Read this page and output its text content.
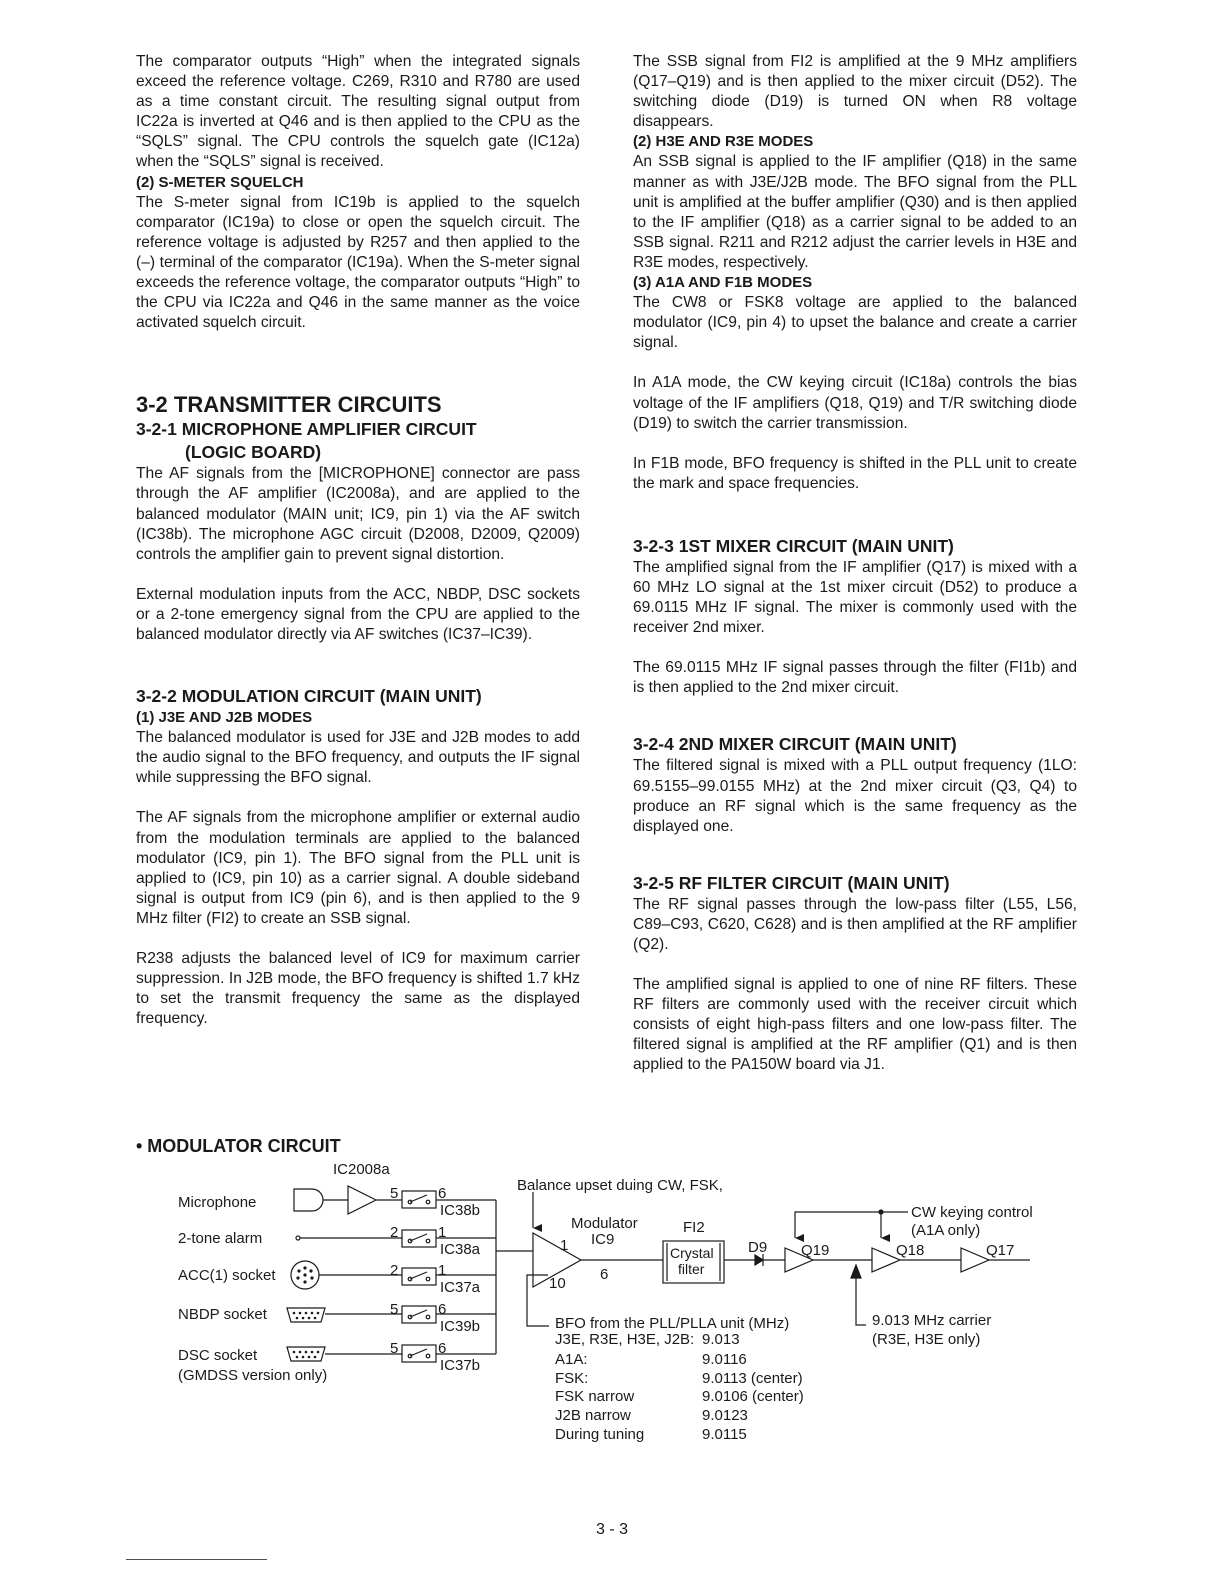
The comparator outputs “High” when the integrated signals exceed the reference voltage. C269, R310 and R780 are used as a time constant circuit. The resulting signal output from IC22a is inverted at Q46 and is then applied to the CPU as the “SQLS” signal. The CPU controls the squelch gate (IC12a) when the “SQLS” signal is received.

(2) S-METER SQUELCH

The S-meter signal from IC19b is applied to the squelch comparator (IC19a) to close or open the squelch circuit. The reference voltage is adjusted by R257 and then applied to the (–) terminal of the comparator (IC19a). When the S-meter signal exceeds the reference voltage, the comparator outputs “High” to the CPU via IC22a and Q46 in the same manner as the voice activated squelch circuit.

3-2 TRANSMITTER CIRCUITS

3-2-1 MICROPHONE AMPLIFIER CIRCUIT

(LOGIC BOARD)

The AF signals from the [MICROPHONE] connector are pass through the AF amplifier (IC2008a), and are applied to the balanced modulator (MAIN unit; IC9, pin 1) via the AF switch (IC38b). The microphone AGC circuit (D2008, D2009, Q2009) controls the amplifier gain to prevent signal distortion.

External modulation inputs from the ACC, NBDP, DSC sockets or a 2-tone emergency signal from the CPU are applied to the balanced modulator directly via AF switches (IC37–IC39).

3-2-2 MODULATION CIRCUIT (MAIN UNIT)

(1) J3E AND J2B MODES

The balanced modulator is used for J3E and J2B modes to add the audio signal to the BFO frequency, and outputs the IF signal while suppressing the BFO signal.

The AF signals from the microphone amplifier or external audio from the modulation terminals are applied to the balanced modulator (IC9, pin 1). The BFO signal from the PLL unit is applied to (IC9, pin 10) as a carrier signal. A double sideband signal is output from IC9 (pin 6), and is then applied to the 9 MHz filter (FI2) to create an SSB signal.

R238 adjusts the balanced level of IC9 for maximum carrier suppression. In J2B mode, the BFO frequency is shifted 1.7 kHz to set the transmit frequency the same as the displayed frequency.

The SSB signal from FI2 is amplified at the 9 MHz amplifiers (Q17–Q19) and is then applied to the mixer circuit (D52). The switching diode (D19) is turned ON when R8 voltage disappears.

(2) H3E AND R3E MODES

An SSB signal is applied to the IF amplifier (Q18) in the same manner as with J3E/J2B mode. The BFO signal from the PLL unit is amplified at the buffer amplifier (Q30) and is then applied to the IF amplifier (Q18) as a carrier signal to be added to an SSB signal. R211 and R212 adjust the carrier levels in H3E and R3E modes, respectively.

(3) A1A AND F1B MODES

The CW8 or FSK8 voltage are applied to the balanced modulator (IC9, pin 4) to upset the balance and create a carrier signal.

In A1A mode, the CW keying circuit (IC18a) controls the bias voltage of the IF amplifiers (Q18, Q19) and T/R switching diode (D19) to switch the carrier transmission.

In F1B mode, BFO frequency is shifted in the PLL unit to create the mark and space frequencies.

3-2-3 1ST MIXER CIRCUIT (MAIN UNIT)

The amplified signal from the IF amplifier (Q17) is mixed with a 60 MHz LO signal at the 1st mixer circuit (D52) to produce a 69.0115 MHz IF signal. The mixer is commonly used with the receiver 2nd mixer.

The 69.0115 MHz IF signal passes through the filter (FI1b) and is then applied to the 2nd mixer circuit.

3-2-4 2ND MIXER CIRCUIT (MAIN UNIT)

The filtered signal is mixed with a PLL output frequency (1LO: 69.5155–99.0155 MHz) at the 2nd mixer circuit (Q3, Q4) to produce an RF signal which is the same frequency as the displayed one.

3-2-5 RF FILTER CIRCUIT (MAIN UNIT)

The RF signal passes through the low-pass filter (L55, L56, C89–C93, C620, C628) and is then amplified at the RF amplifier (Q2).

The amplified signal is applied to one of nine RF filters. These RF filters are commonly used with the receiver circuit which consists of eight high-pass filters and one low-pass filter. The filtered signal is amplified at the RF amplifier (Q1) and is then applied to the PA150W board via J1.

• MODULATOR CIRCUIT

IC2008a
Microphone
2-tone alarm
ACC(1) socket
NBDP socket
DSC socket
(GMDSS version only)
5	6
2	1
2	1
5	6
5	6
IC38b
IC38a
IC37a
IC39b
IC37b
Balance upset duing CW, FSK,
Modulator
IC9
1
6
10
FI2
Crystal
filter
D9 Q19	Q18	Q17
CW keying control
(A1A only)
9.013 MHz carrier
(R3E, H3E only)
BFO from the PLL/PLLA unit (MHz)
J3E, R3E, H3E, J2B: 9.013
A1A:	9.0116
FSK:	9.0113 (center)
FSK narrow	9.0106 (center)
J2B narrow	9.0123
During tuning	9.0115
3 - 3
